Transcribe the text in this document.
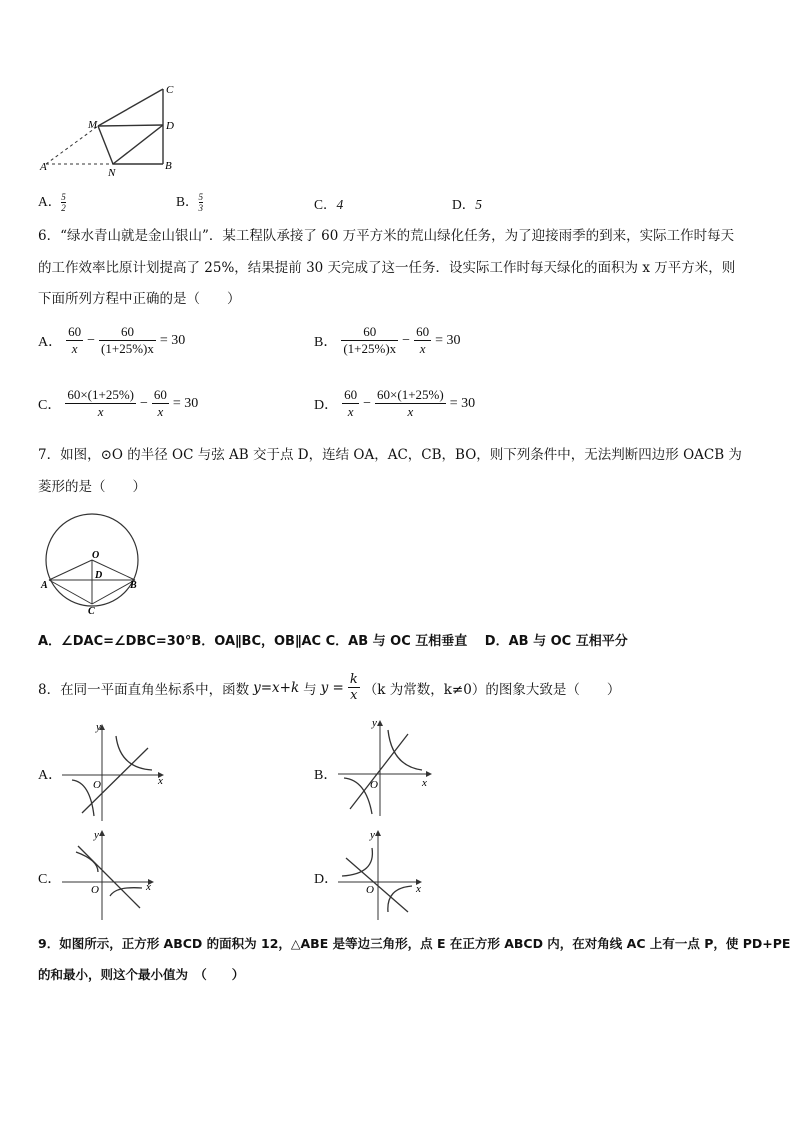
C
M	D
A	N
B
A．$\frac{5}{2}$	B．$\frac{5}{3}$	C．4	D．5
6．“绿水青山就是金山银山”．某工程队承接了 60 万平方米的荒山绿化任务，为了迎接雨季的到来，实际工作时每天
的工作效率比原计划提高了 25%，结果提前 30 天完成了这一任务．设实际工作时每天绿化的面积为 x 万平方米，则
下面所列方程中正确的是（　　）
A． $\frac{60}{x} - \frac{60}{(1+25\%)x} = 30$	B． $\frac{60}{(1+25\%)x} - \frac{60}{x} = 30$
C． $\frac{60\times(1+25\%)}{x} - \frac{60}{x} = 30$	D． $\frac{60}{x} - \frac{60\times(1+25\%)}{x} = 30$
7．如图，⊙O 的半径 OC 与弦 AB 交于点 D，连结 OA，AC，CB，BO，则下列条件中，无法判断四边形 OACB 为
菱形的是（　　）
O
D
A	B
C
A．∠DAC=∠DBC=30°B．OA∥BC，OB∥AC C．AB 与 OC 互相垂直　 D．AB 与 OC 互相平分
8．在同一平面直角坐标系中，函数 y=x+k 与 $y = \frac{k}{x} (k$ 为常数，k≠0）的图象大致是（　　）
A．	x
y
O
B．	x
y
O
C．	x
y
O
D．
x
y
O
9．如图所示，正方形 ABCD 的面积为 12，△ABE 是等边三角形，点 E 在正方形 ABCD 内，在对角线 AC 上有一点 P，使 PD+PE
的和最小，则这个最小值为　（　　）
